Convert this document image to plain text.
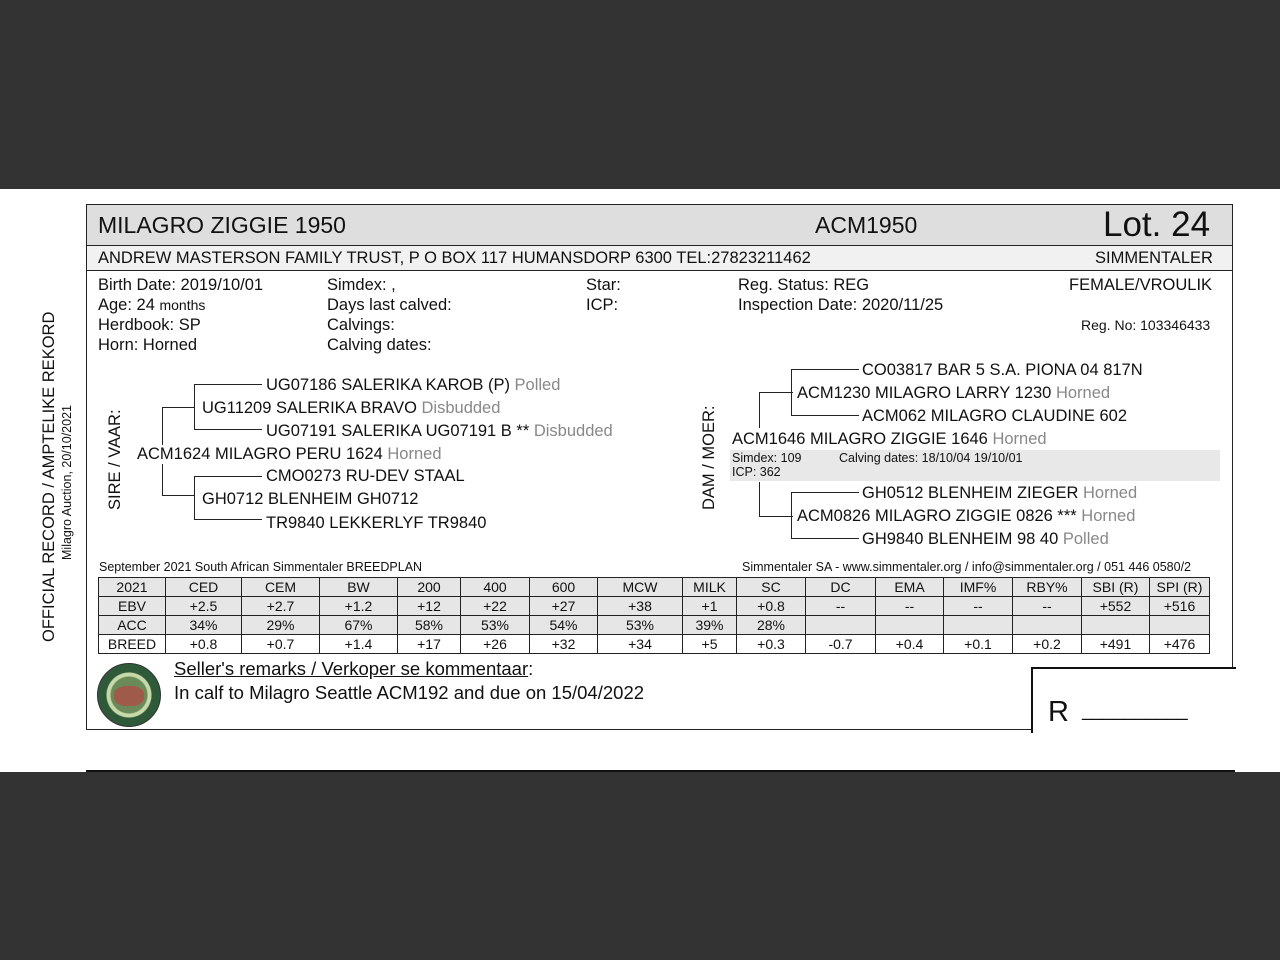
OFFICIAL RECORD / AMPTELIKE REKORD Milagro Auction, 20/10/2021
MILAGRO ZIGGIE 1950	ACM1950	Lot. 24
ANDREW MASTERSON FAMILY TRUST, P O BOX 117 HUMANSDORP 6300 TEL:27823211462	SIMMENTALER
Birth Date: 2019/10/01
Age: 24 months
Herdbook: SP
Horn: Horned
Simdex: ,
Days last calved:
Calvings:
Calving dates:
Star:
ICP:
Reg. Status: REG
Inspection Date: 2020/11/25
FEMALE/VROULIK
Reg. No: 103346433
SIRE / VAAR:
UG07186 SALERIKA KAROB (P) Polled
UG11209 SALERIKA BRAVO Disbudded
UG07191 SALERIKA UG07191 B ** Disbudded
ACM1624 MILAGRO PERU 1624 Horned
CMO0273 RU-DEV STAAL
GH0712 BLENHEIM GH0712
TR9840 LEKKERLYF TR9840
DAM / MOER:
CO03817 BAR 5 S.A. PIONA 04 817N
ACM1230 MILAGRO LARRY 1230 Horned
ACM062 MILAGRO CLAUDINE 602
ACM1646 MILAGRO ZIGGIE 1646 Horned
Simdex: 109	Calving dates: 18/10/04 19/10/01
ICP: 362
GH0512 BLENHEIM ZIEGER Horned
ACM0826 MILAGRO ZIGGIE 0826 *** Horned
GH9840 BLENHEIM 98 40 Polled
September 2021 South African Simmentaler BREEDPLAN	Simmentaler SA - www.simmentaler.org / info@simmentaler.org / 051 446 0580/2
2021	CED	CEM	BW	200	400	600	MCW	MILK	SC	DC	EMA	IMF%	RBY%	SBI (R)	SPI (R)
EBV	+2.5	+2.7	+1.2	+12	+22	+27	+38	+1	+0.8	--	--	--	--	+552	+516
ACC	34%	29%	67%	58%	53%	54%	53%	39%	28%						
BREED	+0.8	+0.7	+1.4	+17	+26	+32	+34	+5	+0.3	-0.7	+0.4	+0.1	+0.2	+491	+476
Seller's remarks / Verkoper se kommentaar:
In calf to Milagro Seattle ACM192 and due on 15/04/2022
R __________
